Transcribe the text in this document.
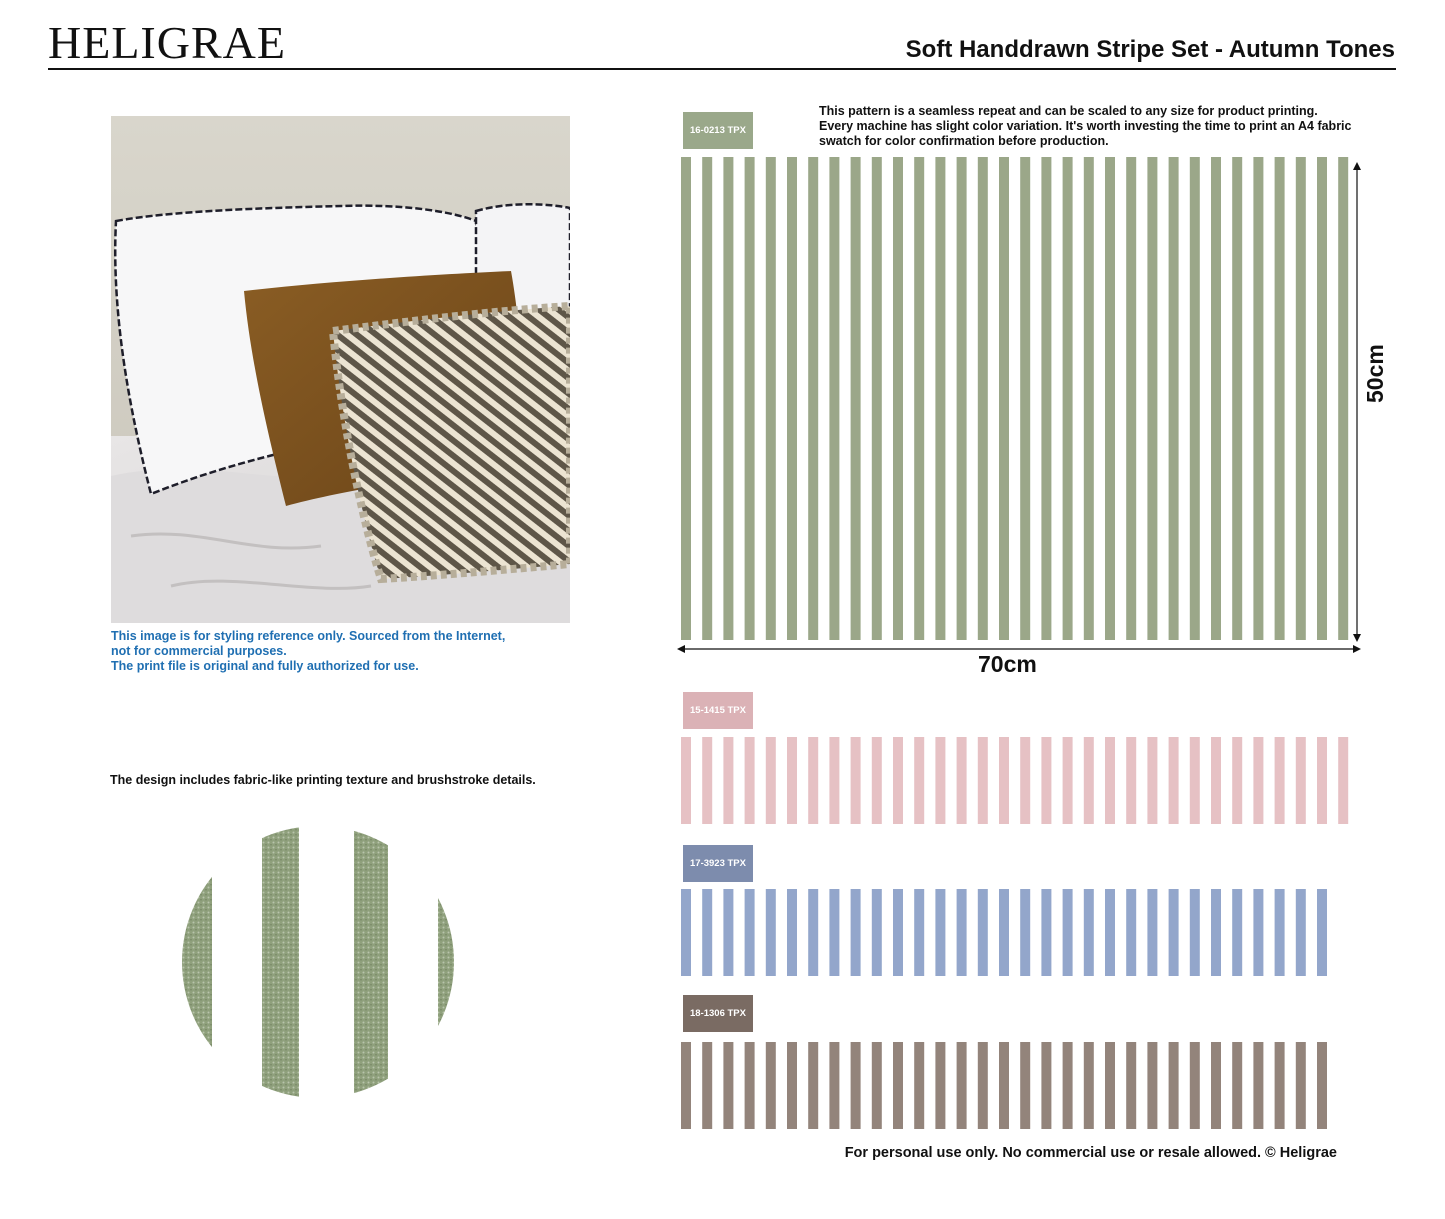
HELIGRAE	Soft Handdrawn Stripe Set - Autumn Tones
This image is for styling reference only. Sourced from the Internet,
not for commercial purposes.
The print file is original and fully authorized for use.
The design includes fabric-like printing texture and brushstroke details.
16-0213 TPX
This pattern is a seamless repeat and can be scaled to any size for product printing.
Every machine has slight color variation. It's worth investing the time to print an A4 fabric
swatch for color confirmation before production.
70cm
50cm
15-1415 TPX
17-3923 TPX
18-1306 TPX
For personal use only. No commercial use or resale allowed. © Heligrae
